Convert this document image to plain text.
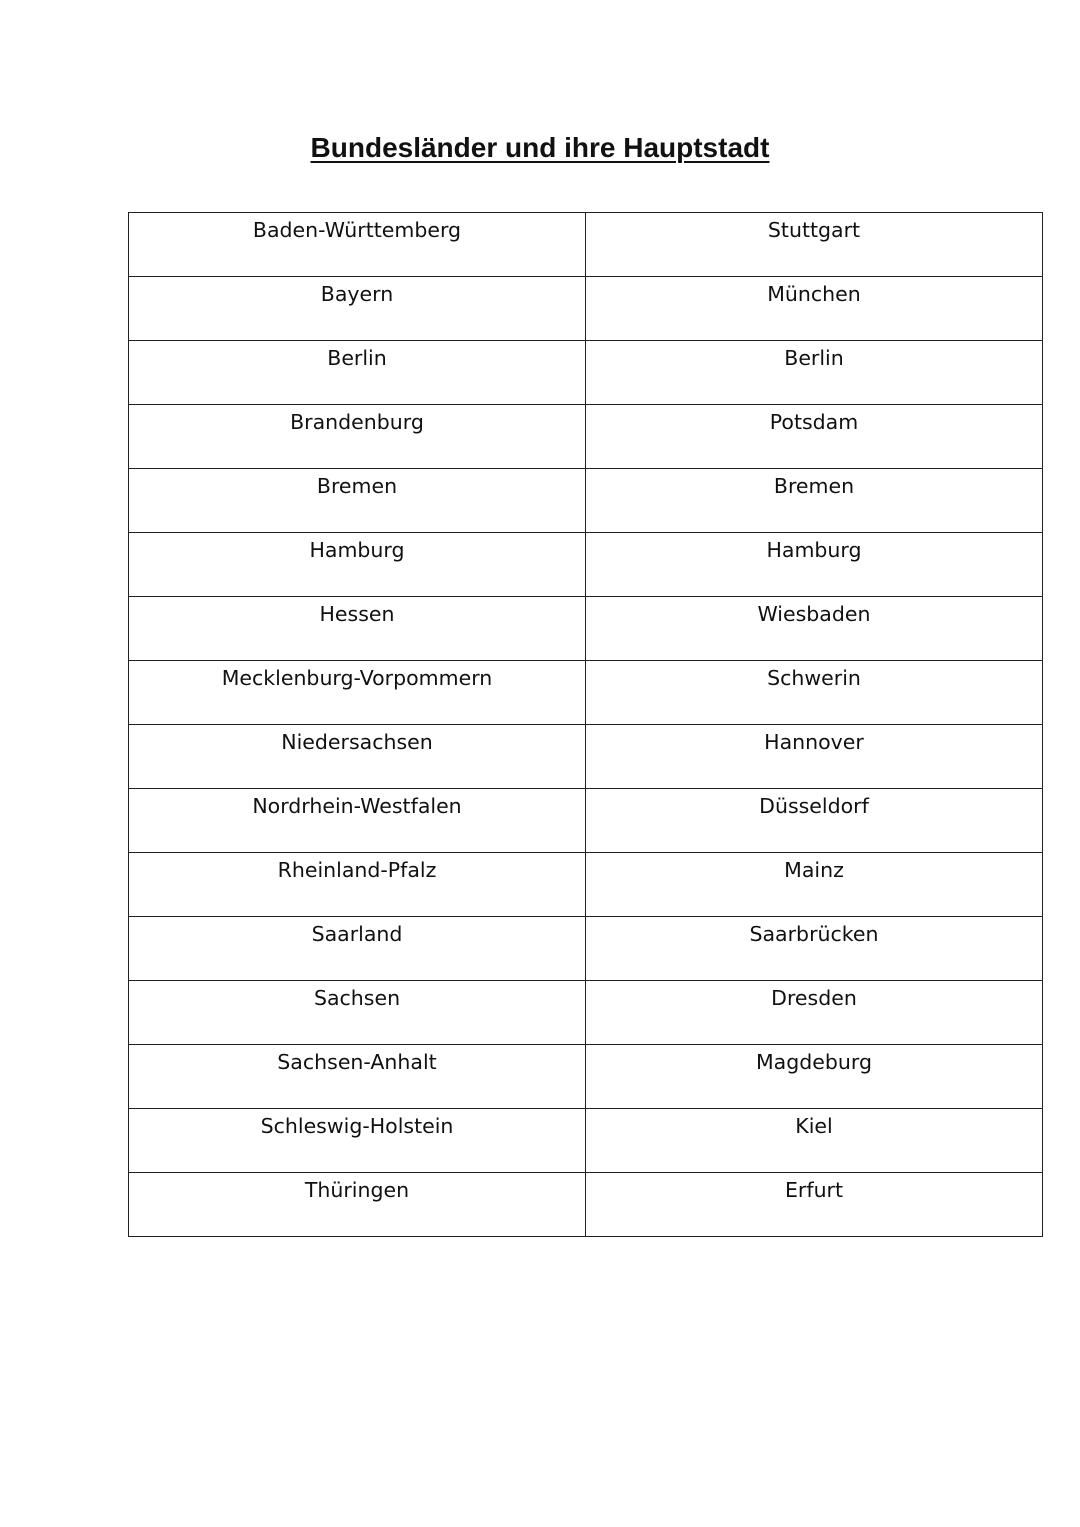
Bundesländer und ihre Hauptstadt
Baden-Württemberg	Stuttgart
Bayern	München
Berlin	Berlin
Brandenburg	Potsdam
Bremen	Bremen
Hamburg	Hamburg
Hessen	Wiesbaden
Mecklenburg-Vorpommern	Schwerin
Niedersachsen	Hannover
Nordrhein-Westfalen	Düsseldorf
Rheinland-Pfalz	Mainz
Saarland	Saarbrücken
Sachsen	Dresden
Sachsen-Anhalt	Magdeburg
Schleswig-Holstein	Kiel
Thüringen	Erfurt
